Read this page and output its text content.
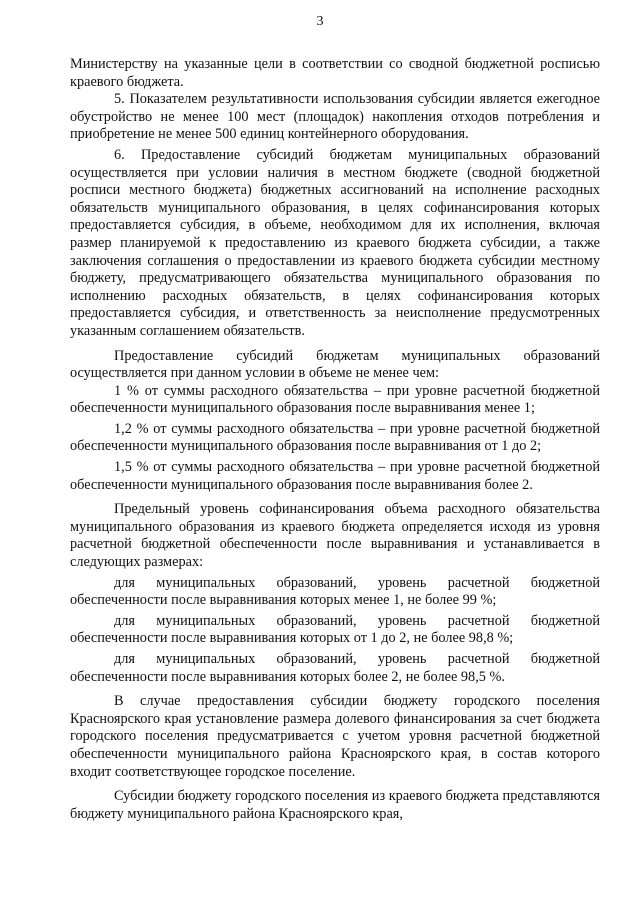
3

Министерству на указанные цели в соответствии со сводной бюджетной росписью краевого бюджета.

5. Показателем результативности использования субсидии является ежегодное обустройство не менее 100 мест (площадок) накопления отходов потребления и приобретение не менее 500 единиц контейнерного оборудования.

6. Предоставление субсидий бюджетам муниципальных образований осуществляется при условии наличия в местном бюджете (сводной бюджетной росписи местного бюджета) бюджетных ассигнований на исполнение расходных обязательств муниципального образования, в целях софинансирования которых предоставляется субсидия, в объеме, необходимом для их исполнения, включая размер планируемой к предоставлению из краевого бюджета субсидии, а также заключения соглашения о предоставлении из краевого бюджета субсидии местному бюджету, предусматривающего обязательства муниципального образования по исполнению расходных обязательств, в целях софинансирования которых предоставляется субсидия, и ответственность за неисполнение предусмотренных указанным соглашением обязательств.

Предоставление субсидий бюджетам муниципальных образований осуществляется при данном условии в объеме не менее чем:

1 % от суммы расходного обязательства – при уровне расчетной бюджетной обеспеченности муниципального образования после выравнивания менее 1;

1,2 % от суммы расходного обязательства – при уровне расчетной бюджетной обеспеченности муниципального образования после выравнивания от 1 до 2;

1,5 % от суммы расходного обязательства – при уровне расчетной бюджетной обеспеченности муниципального образования после выравнивания более 2.

Предельный уровень софинансирования объема расходного обязательства муниципального образования из краевого бюджета определяется исходя из уровня расчетной бюджетной обеспеченности после выравнивания и устанавливается в следующих размерах:

для муниципальных образований, уровень расчетной бюджетной обеспеченности после выравнивания которых менее 1, не более 99 %;

для муниципальных образований, уровень расчетной бюджетной обеспеченности после выравнивания которых от 1 до 2, не более 98,8 %;

для муниципальных образований, уровень расчетной бюджетной обеспеченности после выравнивания которых более 2, не более 98,5 %.

В случае предоставления субсидии бюджету городского поселения Красноярского края установление размера долевого финансирования за счет бюджета городского поселения предусматривается с учетом уровня расчетной бюджетной обеспеченности муниципального района Красноярского края, в состав которого входит соответствующее городское поселение.

Субсидии бюджету городского поселения из краевого бюджета представляются бюджету муниципального района Красноярского края,
